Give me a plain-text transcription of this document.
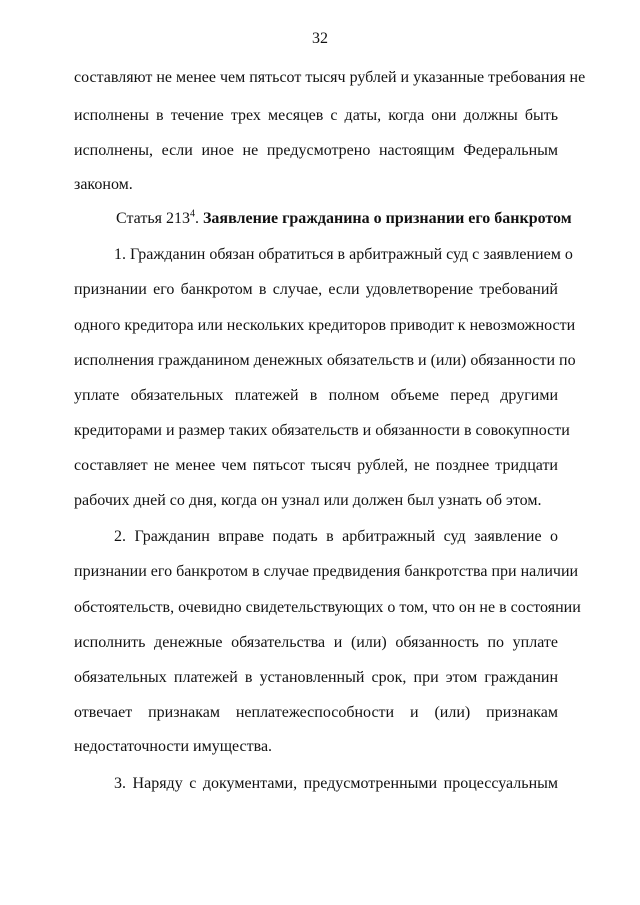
32
составляют не менее чем пятьсот тысяч рублей и указанные требования не
исполнены в течение трех месяцев с даты, когда они должны быть
исполнены, если иное не предусмотрено настоящим Федеральным
законом.
Статья $213^4$. Заявление гражданина о признании его банкротом
1. Гражданин обязан обратиться в арбитражный суд с заявлением о
признании его банкротом в случае, если удовлетворение требований
одного кредитора или нескольких кредиторов приводит к невозможности
исполнения гражданином денежных обязательств и (или) обязанности по
уплате обязательных платежей в полном объеме перед другими
кредиторами и размер таких обязательств и обязанности в совокупности
составляет не менее чем пятьсот тысяч рублей, не позднее тридцати
рабочих дней со дня, когда он узнал или должен был узнать об этом.
2. Гражданин вправе подать в арбитражный суд заявление о
признании его банкротом в случае предвидения банкротства при наличии
обстоятельств, очевидно свидетельствующих о том, что он не в состоянии
исполнить денежные обязательства и (или) обязанность по уплате
обязательных платежей в установленный срок, при этом гражданин
отвечает признакам неплатежеспособности и (или) признакам
недостаточности имущества.
3. Наряду с документами, предусмотренными процессуальным
